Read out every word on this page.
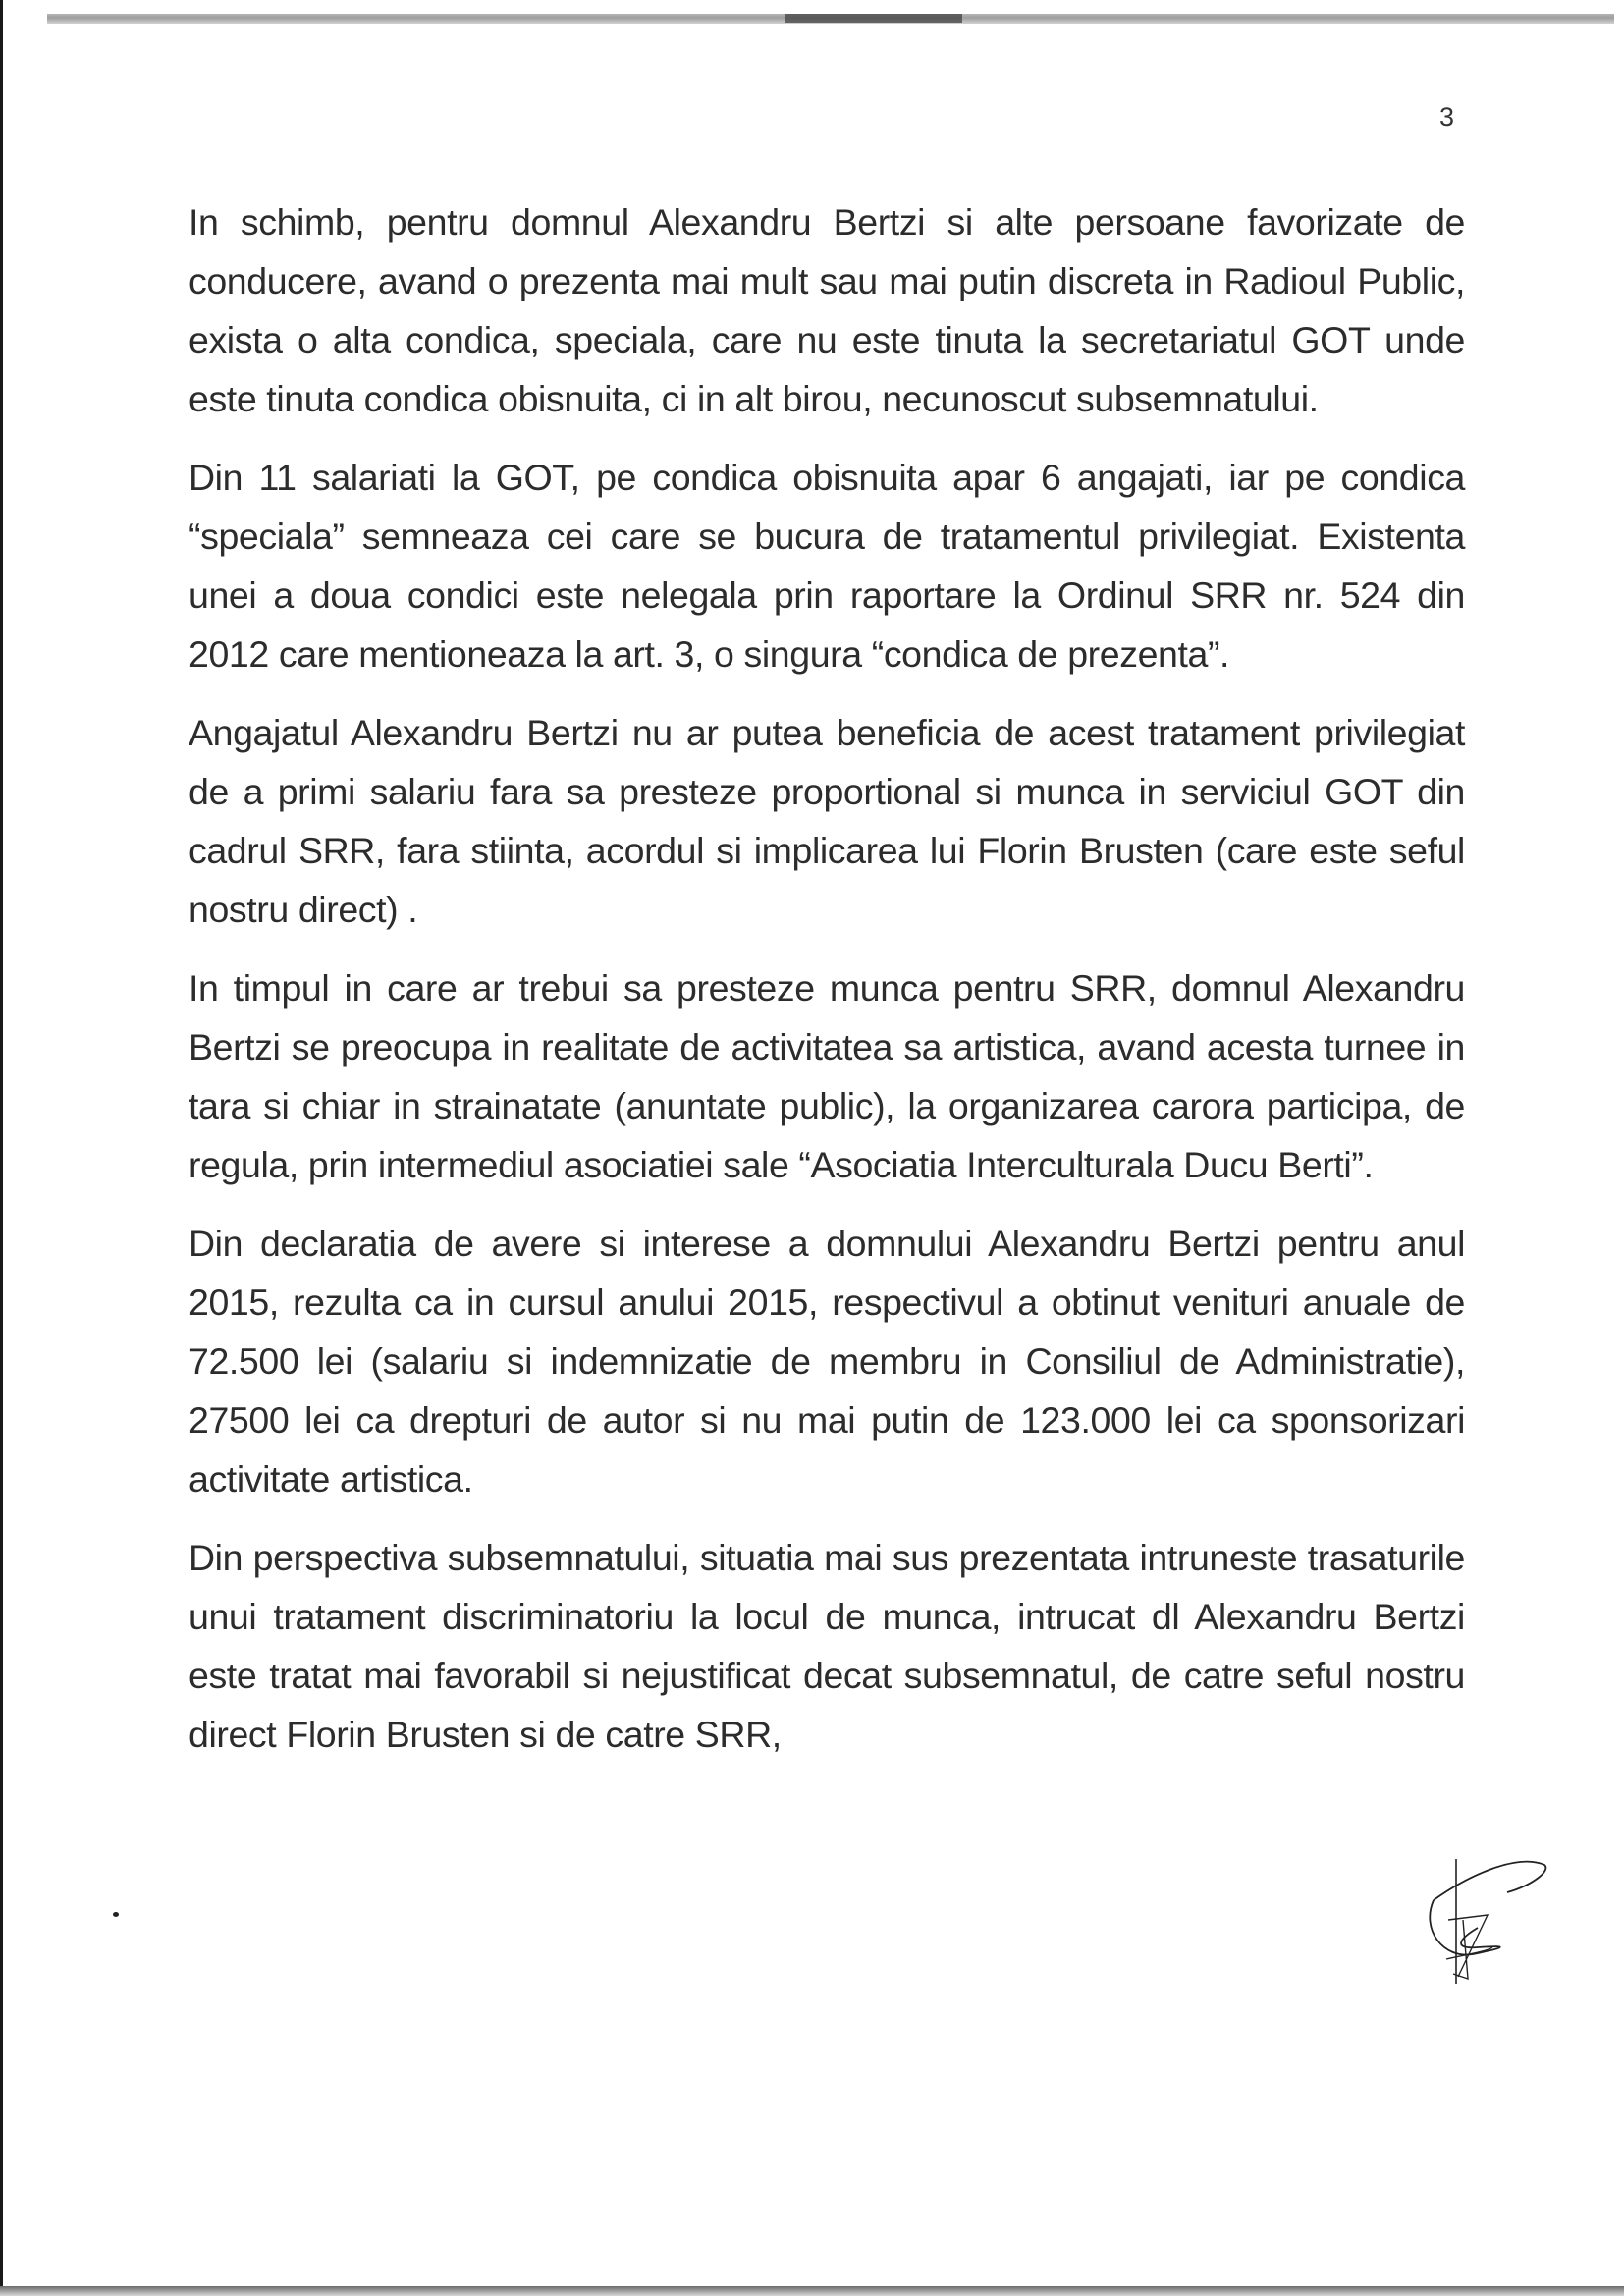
3

In schimb, pentru domnul Alexandru Bertzi si alte persoane favorizate de conducere, avand o prezenta mai mult sau mai putin discreta in Radioul Public, exista o alta condica, speciala, care nu este tinuta la secretariatul GOT unde este tinuta condica obisnuita, ci in alt birou, necunoscut subsemnatului.

Din 11 salariati la GOT, pe condica obisnuita apar 6 angajati, iar pe condica “speciala” semneaza cei care se bucura de tratamentul privilegiat. Existenta unei a doua condici este nelegala prin raportare la Ordinul SRR nr. 524 din 2012 care mentioneaza la art. 3, o singura “condica de prezenta”.

Angajatul Alexandru Bertzi nu ar putea beneficia de acest tratament privilegiat de a primi salariu fara sa presteze proportional si munca in serviciul GOT din cadrul SRR, fara stiinta, acordul si implicarea lui Florin Brusten (care este seful nostru direct) .

In timpul in care ar trebui sa presteze munca pentru SRR, domnul Alexandru Bertzi se preocupa in realitate de activitatea sa artistica, avand acesta turnee in tara si chiar in strainatate (anuntate public), la organizarea carora participa, de regula, prin intermediul asociatiei sale “Asociatia Interculturala Ducu Berti”.

Din declaratia de avere si interese a domnului Alexandru Bertzi pentru anul 2015, rezulta ca in cursul anului 2015, respectivul a obtinut venituri anuale de 72.500 lei (salariu si indemnizatie de membru in Consiliul de Administratie), 27500 lei ca drepturi de autor si nu mai putin de 123.000 lei ca sponsorizari activitate artistica.

Din perspectiva subsemnatului, situatia mai sus prezentata intruneste trasaturile unui tratament discriminatoriu la locul de munca, intrucat dl Alexandru Bertzi este tratat mai favorabil si nejustificat decat subsemnatul, de catre seful nostru direct Florin Brusten si de catre SRR,
